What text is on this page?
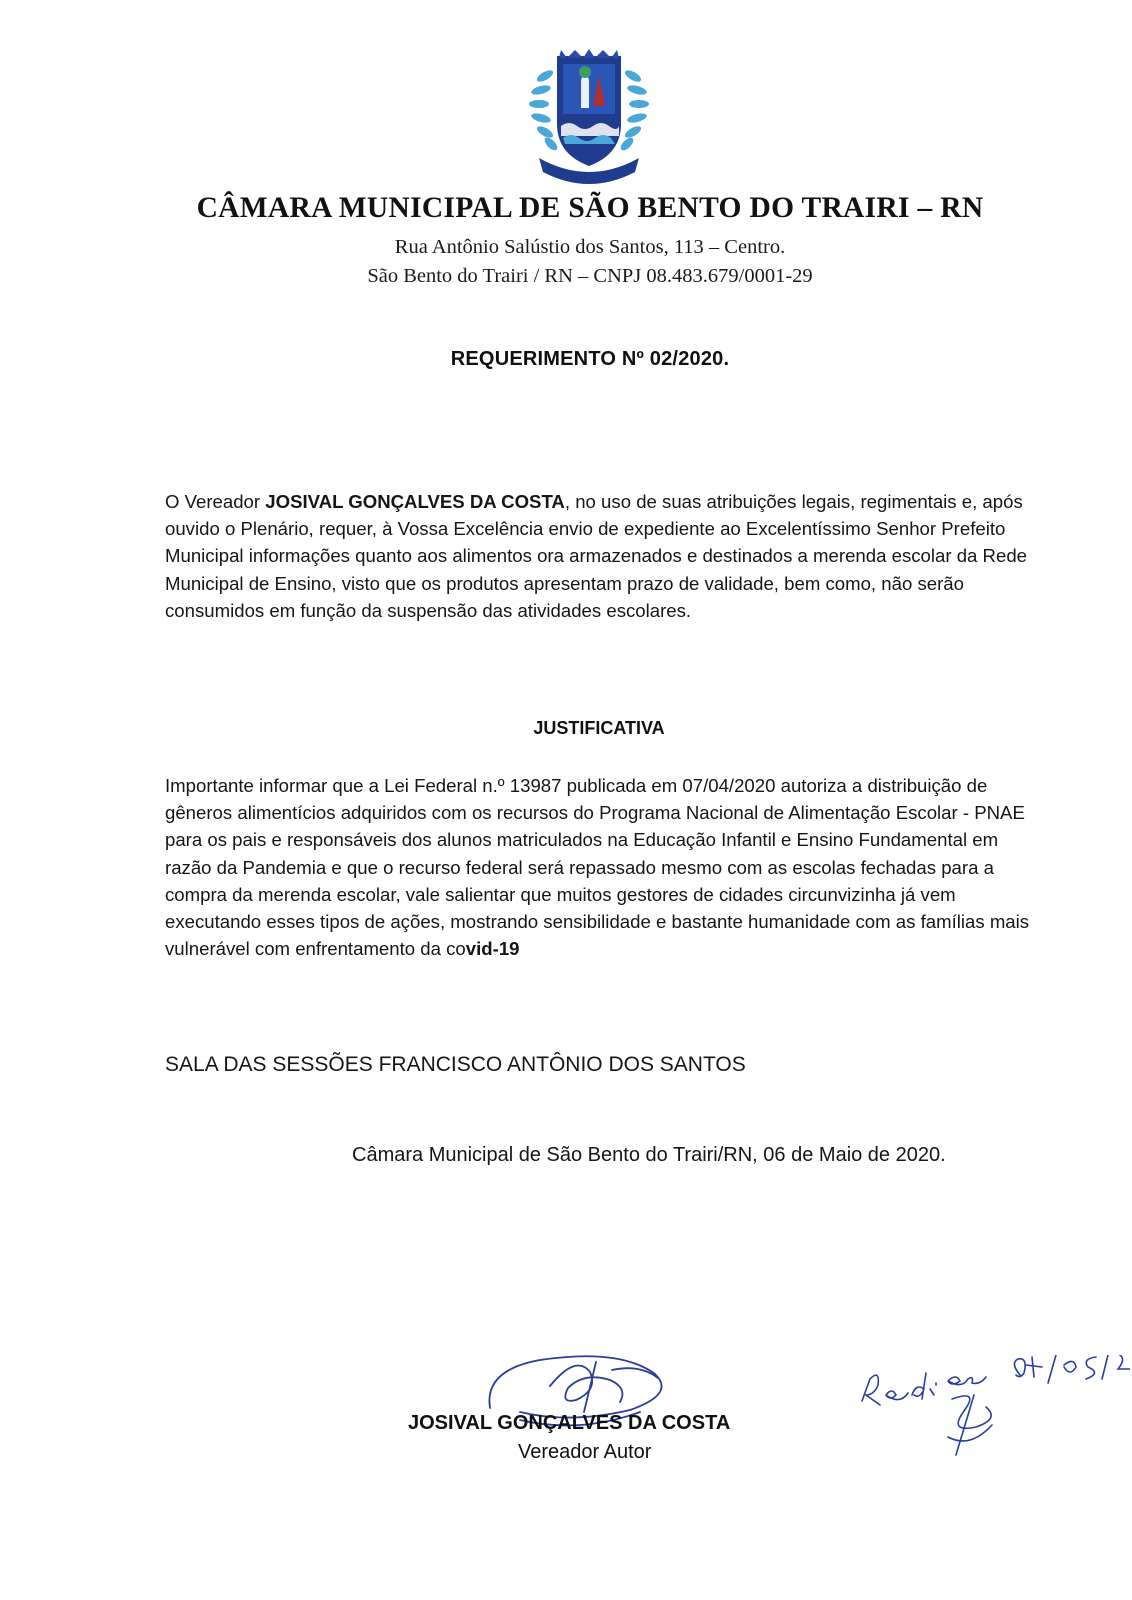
CÂMARA MUNICIPAL DE SÃO BENTO DO TRAIRI – RN
Rua Antônio Salústio dos Santos, 113 – Centro.
São Bento do Trairi / RN – CNPJ 08.483.679/0001-29
REQUERIMENTO Nº 02/2020.
O Vereador JOSIVAL GONÇALVES DA COSTA, no uso de suas atribuições legais, regimentais e, após ouvido o Plenário, requer, à Vossa Excelência envio de expediente ao Excelentíssimo Senhor Prefeito Municipal informações quanto aos alimentos ora armazenados e destinados a merenda escolar da Rede Municipal de Ensino, visto que os produtos apresentam prazo de validade, bem como, não serão consumidos em função da suspensão das atividades escolares.
JUSTIFICATIVA
Importante informar que a Lei Federal n.º 13987 publicada em 07/04/2020 autoriza a distribuição de gêneros alimentícios adquiridos com os recursos do Programa Nacional de Alimentação Escolar - PNAE para os pais e responsáveis dos alunos matriculados na Educação Infantil e Ensino Fundamental em razão da Pandemia e que o recurso federal será repassado mesmo com as escolas fechadas para a compra da merenda escolar, vale salientar que muitos gestores de cidades circunvizinha já vem executando esses tipos de ações, mostrando sensibilidade e bastante humanidade com as famílias mais vulnerável com enfrentamento da covid-19
SALA DAS SESSÕES FRANCISCO ANTÔNIO DOS SANTOS
Câmara Municipal de São Bento do Trairi/RN, 06 de Maio de 2020.
JOSIVAL GONÇALVES DA COSTA
Vereador Autor
